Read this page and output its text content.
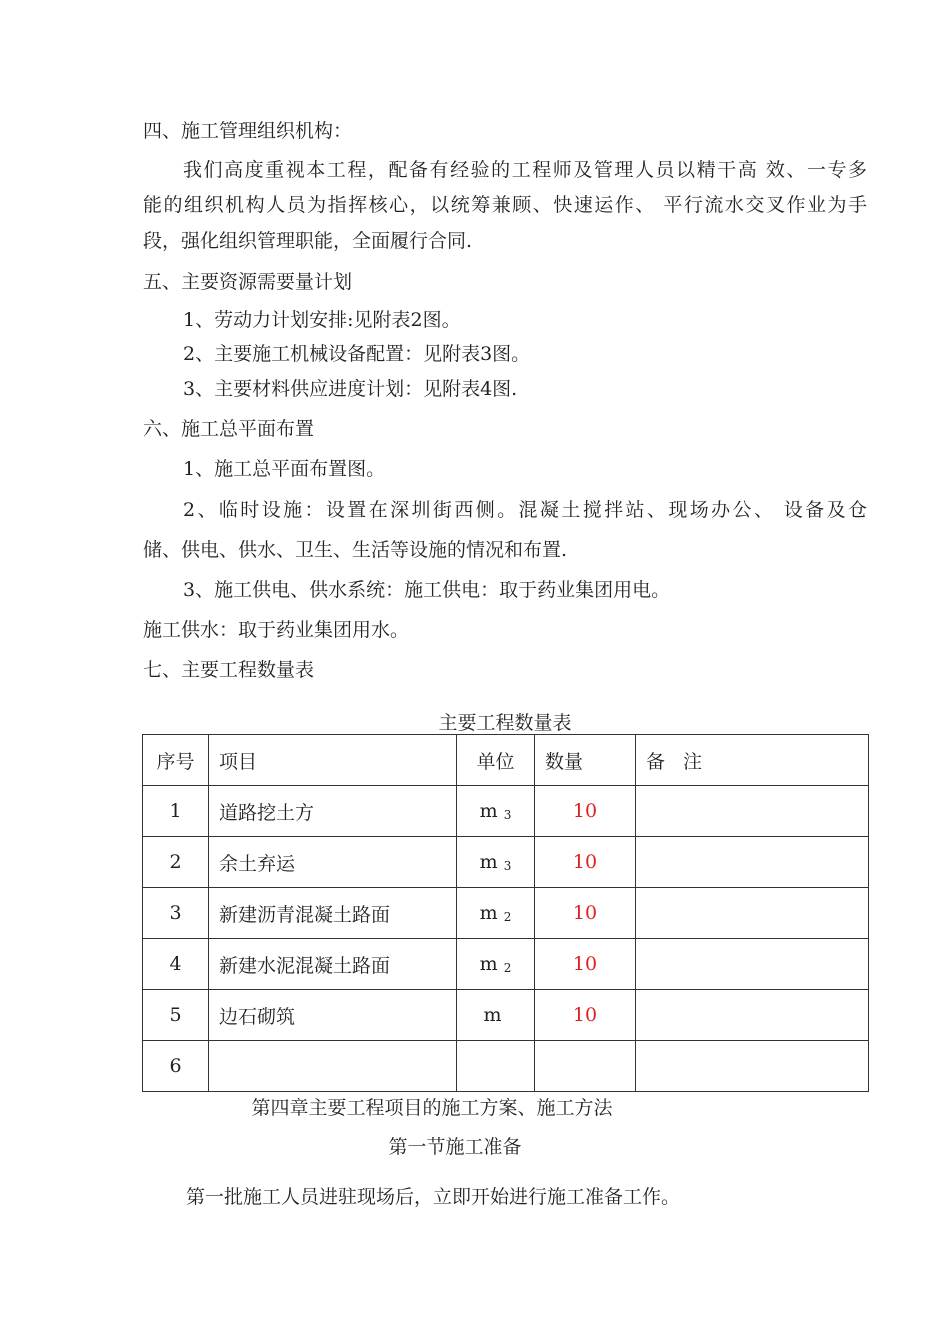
四、施工管理组织机构：
我们高度重视本工程，配备有经验的工程师及管理人员以精干高 效、一专多
能的组织机构人员为指挥核心，以统筹兼顾、快速运作、 平行流水交叉作业为手
段，强化组织管理职能，全面履行合同.
五、主要资源需要量计划
1、劳动力计划安排:见附表2图。
2、主要施工机械设备配置：见附表3图。
3、主要材料供应进度计划：见附表4图.
六、施工总平面布置
1、施工总平面布置图。
2、临时设施：设置在深圳街西侧。混凝土搅拌站、现场办公、 设备及仓
储、供电、供水、卫生、生活等设施的情况和布置.
3、施工供电、供水系统：施工供电：取于药业集团用电。
施工供水：取于药业集团用水。
七、主要工程数量表
主要工程数量表
序号	项目	单位	数量	备 注
1	道路挖土方	m $_3$	10	
2	余土弃运	m $_3$	10	
3	新建沥青混凝土路面	m $_2$	10	
4	新建水泥混凝土路面	m $_2$	10	
5	边石砌筑	m	10	
6				
第四章主要工程项目的施工方案、施工方法
第一节施工准备
第一批施工人员进驻现场后，立即开始进行施工准备工作。
